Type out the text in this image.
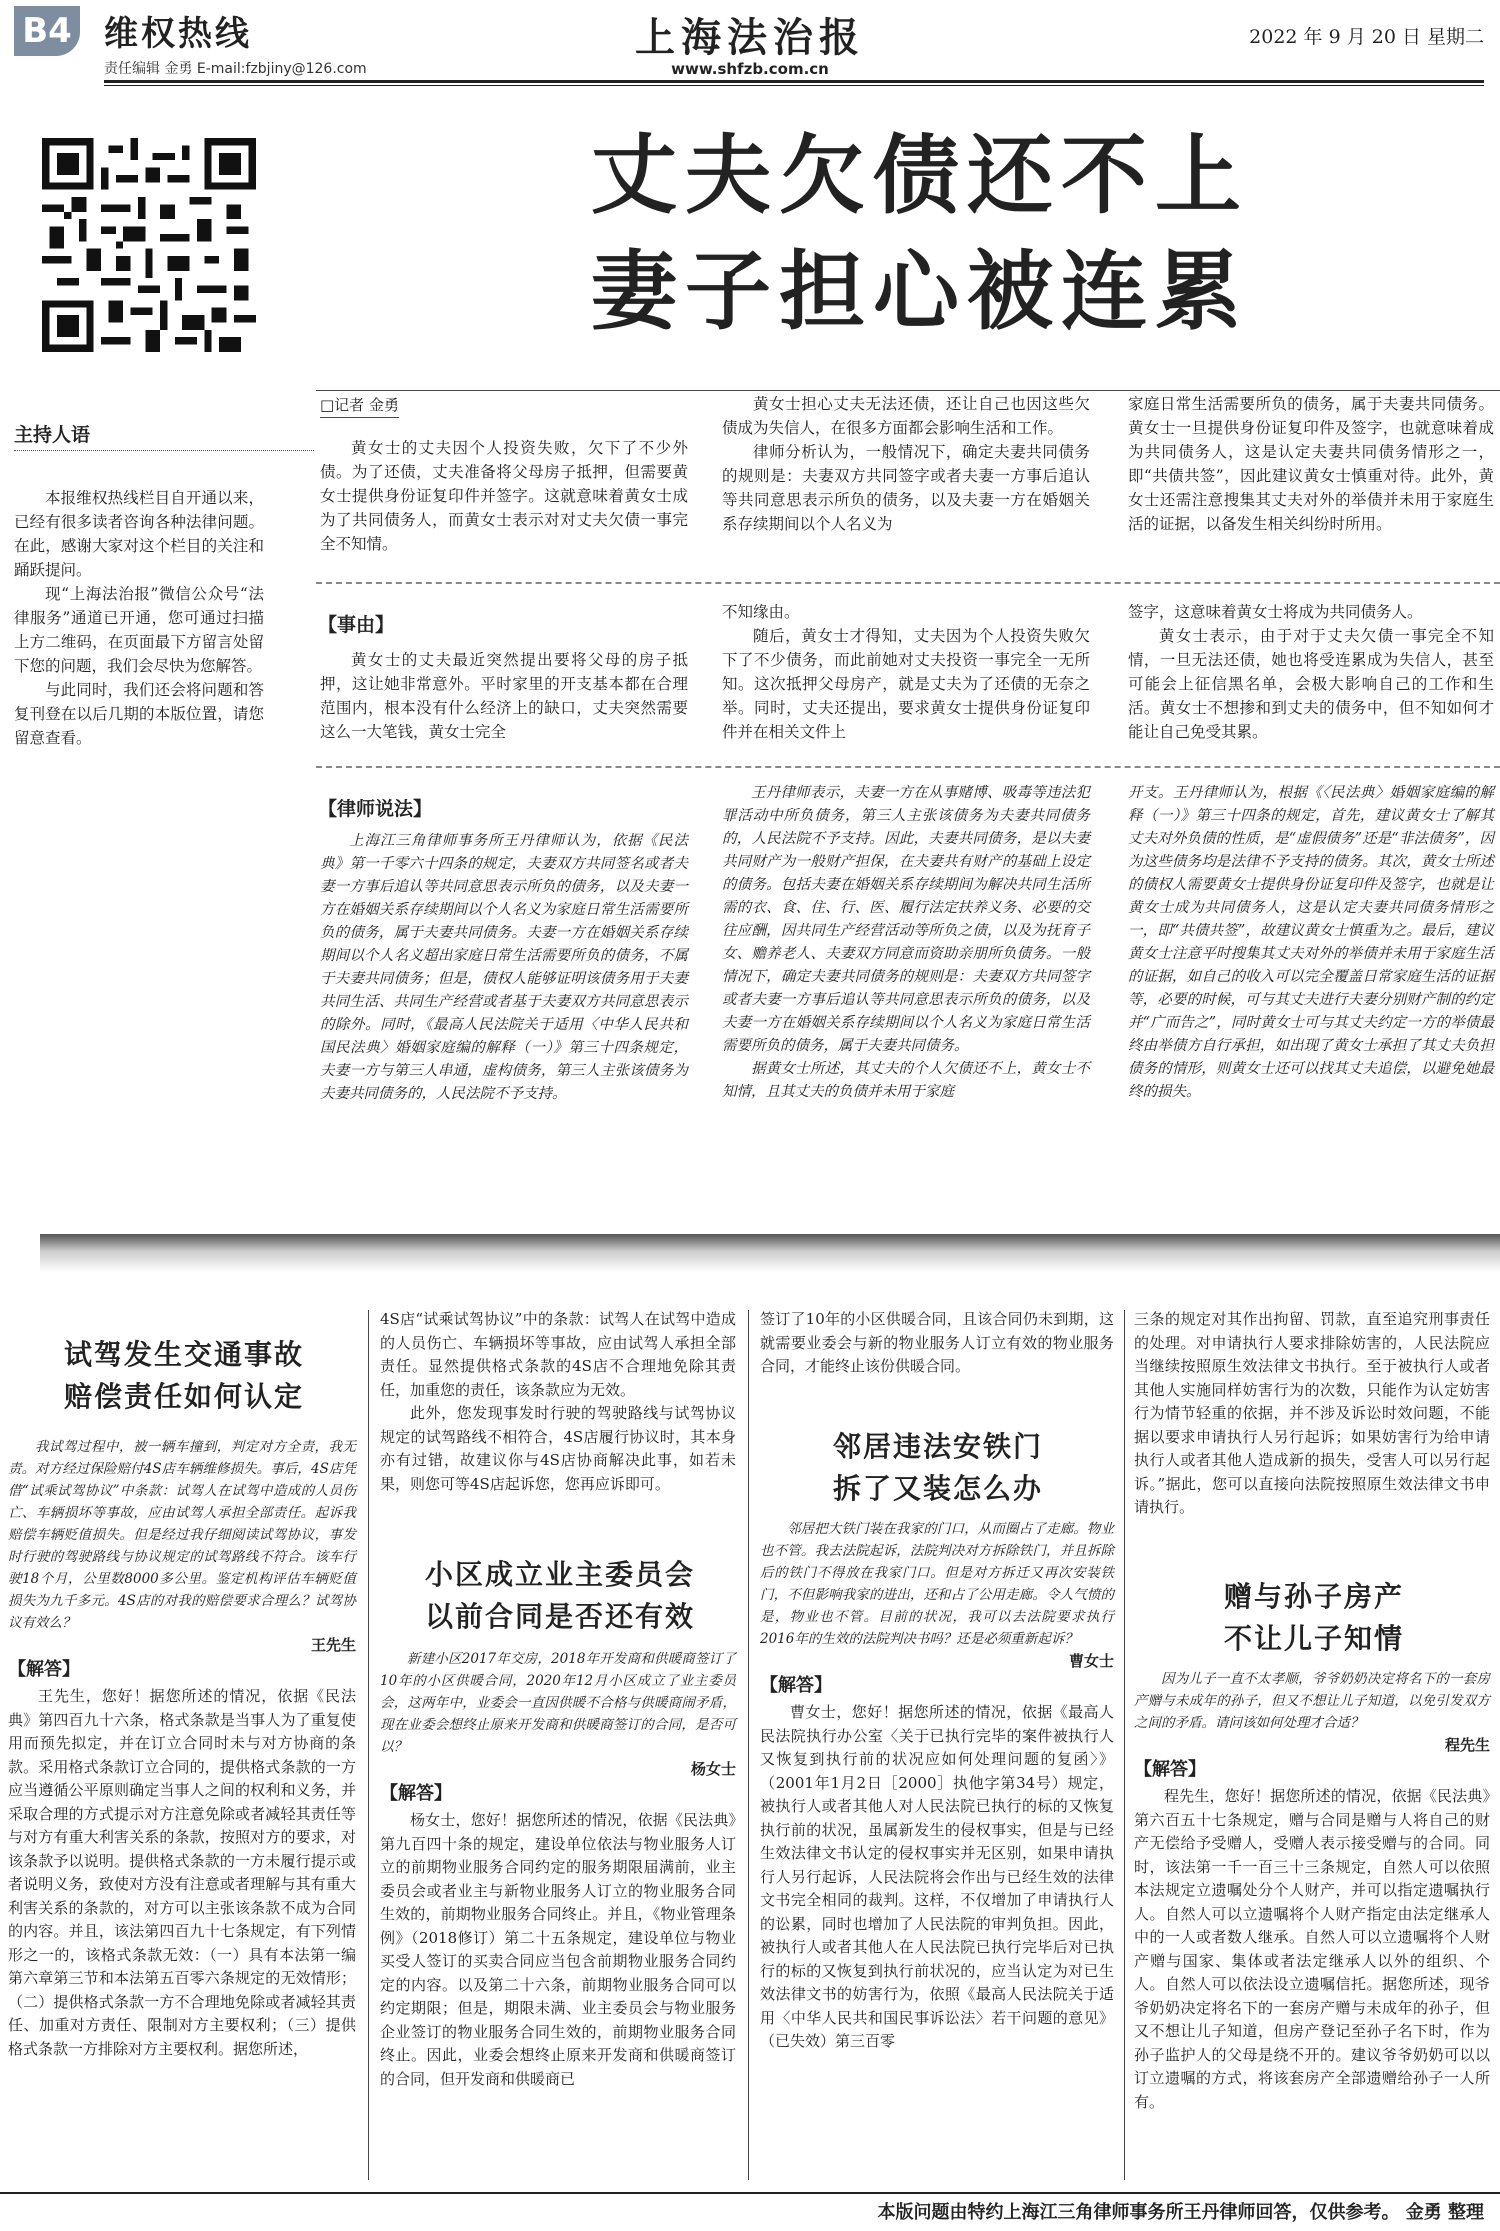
B4 维权热线
责任编辑 金勇 E-mail:fzbjiny@126.com
上海法治报
www.shfzb.com.cn
2022 年 9 月 20 日 星期二
丈夫欠债还不上
妻子担心被连累
主持人语

本报维权热线栏目自开通以来，已经有很多读者咨询各种法律问题。在此，感谢大家对这个栏目的关注和踊跃提问。

现“上海法治报”微信公众号“法律服务”通道已开通，您可通过扫描上方二维码，在页面最下方留言处留下您的问题，我们会尽快为您解答。

与此同时，我们还会将问题和答复刊登在以后几期的本版位置，请您留意查看。

□记者 金勇

黄女士的丈夫因个人投资失败，欠下了不少外债。为了还债，丈夫准备将父母房子抵押，但需要黄女士提供身份证复印件并签字。这就意味着黄女士成为了共同债务人，而黄女士表示对对丈夫欠债一事完全不知情。

黄女士担心丈夫无法还债，还让自己也因这些欠债成为失信人，在很多方面都会影响生活和工作。

律师分析认为，一般情况下，确定夫妻共同债务的规则是：夫妻双方共同签字或者夫妻一方事后追认等共同意思表示所负的债务，以及夫妻一方在婚姻关系存续期间以个人名义为

家庭日常生活需要所负的债务，属于夫妻共同债务。黄女士一旦提供身份证复印件及签字，也就意味着成为共同债务人，这是认定夫妻共同债务情形之一，即“共债共签”，因此建议黄女士慎重对待。此外，黄女士还需注意搜集其丈夫对外的举债并未用于家庭生活的证据，以备发生相关纠纷时所用。

【事由】

黄女士的丈夫最近突然提出要将父母的房子抵押，这让她非常意外。平时家里的开支基本都在合理范围内，根本没有什么经济上的缺口，丈夫突然需要这么一大笔钱，黄女士完全

不知缘由。

随后，黄女士才得知，丈夫因为个人投资失败欠下了不少债务，而此前她对丈夫投资一事完全一无所知。这次抵押父母房产，就是丈夫为了还债的无奈之举。同时，丈夫还提出，要求黄女士提供身份证复印件并在相关文件上

签字，这意味着黄女士将成为共同债务人。

黄女士表示，由于对于丈夫欠债一事完全不知情，一旦无法还债，她也将受连累成为失信人，甚至可能会上征信黑名单，会极大影响自己的工作和生活。黄女士不想掺和到丈夫的债务中，但不知如何才能让自己免受其累。

【律师说法】

上海江三角律师事务所王丹律师认为，依据《民法典》第一千零六十四条的规定，夫妻双方共同签名或者夫妻一方事后追认等共同意思表示所负的债务，以及夫妻一方在婚姻关系存续期间以个人名义为家庭日常生活需要所负的债务，属于夫妻共同债务。夫妻一方在婚姻关系存续期间以个人名义超出家庭日常生活需要所负的债务，不属于夫妻共同债务；但是，债权人能够证明该债务用于夫妻共同生活、共同生产经营或者基于夫妻双方共同意思表示的除外。同时，《最高人民法院关于适用〈中华人民共和国民法典〉婚姻家庭编的解释（一）》第三十四条规定，夫妻一方与第三人串通，虚构债务，第三人主张该债务为夫妻共同债务的，人民法院不予支持。

王丹律师表示，夫妻一方在从事赌博、吸毒等违法犯罪活动中所负债务，第三人主张该债务为夫妻共同债务的，人民法院不予支持。因此，夫妻共同债务，是以夫妻共同财产为一般财产担保，在夫妻共有财产的基础上设定的债务。包括夫妻在婚姻关系存续期间为解决共同生活所需的衣、食、住、行、医、履行法定扶养义务、必要的交往应酬，因共同生产经营活动等所负之债，以及为抚育子女、赡养老人、夫妻双方同意而资助亲朋所负债务。一般情况下，确定夫妻共同债务的规则是：夫妻双方共同签字或者夫妻一方事后追认等共同意思表示所负的债务，以及夫妻一方在婚姻关系存续期间以个人名义为家庭日常生活需要所负的债务，属于夫妻共同债务。

据黄女士所述，其丈夫的个人欠债还不上，黄女士不知情，且其丈夫的负债并未用于家庭

开支。王丹律师认为，根据《〈民法典〉婚姻家庭编的解释（一）》第三十四条的规定，首先，建议黄女士了解其丈夫对外负债的性质，是“虚假债务”还是“非法债务”，因为这些债务均是法律不予支持的债务。其次，黄女士所述的债权人需要黄女士提供身份证复印件及签字，也就是让黄女士成为共同债务人，这是认定夫妻共同债务情形之一，即“共债共签”，故建议黄女士慎重为之。最后，建议黄女士注意平时搜集其丈夫对外的举债并未用于家庭生活的证据，如自己的收入可以完全覆盖日常家庭生活的证据等，必要的时候，可与其丈夫进行夫妻分别财产制的约定并“广而告之”，同时黄女士可与其丈夫约定一方的举债最终由举债方自行承担，如出现了黄女士承担了其丈夫负担债务的情形，则黄女士还可以找其丈夫追偿，以避免她最终的损失。

试驾发生交通事故
赔偿责任如何认定

我试驾过程中，被一辆车撞到，判定对方全责，我无责。对方经过保险赔付4S店车辆维修损失。事后，4S店凭借“试乘试驾协议”中条款：试驾人在试驾中造成的人员伤亡、车辆损坏等事故，应由试驾人承担全部责任。起诉我赔偿车辆贬值损失。但是经过我仔细阅读试驾协议，事发时行驶的驾驶路线与协议规定的试驾路线不符合。该车行驶18个月，公里数8000多公里。鉴定机构评估车辆贬值损失为九千多元。4S店的对我的赔偿要求合理么？试驾协议有效么？

王先生
【解答】

王先生，您好！据您所述的情况，依据《民法典》第四百九十六条，格式条款是当事人为了重复使用而预先拟定，并在订立合同时未与对方协商的条款。采用格式条款订立合同的，提供格式条款的一方应当遵循公平原则确定当事人之间的权利和义务，并采取合理的方式提示对方注意免除或者减轻其责任等与对方有重大利害关系的条款，按照对方的要求，对该条款予以说明。提供格式条款的一方未履行提示或者说明义务，致使对方没有注意或者理解与其有重大利害关系的条款的，对方可以主张该条款不成为合同的内容。并且，该法第四百九十七条规定，有下列情形之一的，该格式条款无效：（一）具有本法第一编第六章第三节和本法第五百零六条规定的无效情形；（二）提供格式条款一方不合理地免除或者减轻其责任、加重对方责任、限制对方主要权利；（三）提供格式条款一方排除对方主要权利。据您所述，

4S店“试乘试驾协议”中的条款：试驾人在试驾中造成的人员伤亡、车辆损坏等事故，应由试驾人承担全部责任。显然提供格式条款的4S店不合理地免除其责任，加重您的责任，该条款应为无效。

此外，您发现事发时行驶的驾驶路线与试驾协议规定的试驾路线不相符合，4S店履行协议时，其本身亦有过错，故建议你与4S店协商解决此事，如若未果，则您可等4S店起诉您，您再应诉即可。

小区成立业主委员会
以前合同是否还有效

新建小区2017年交房，2018年开发商和供暖商签订了10年的小区供暖合同，2020年12月小区成立了业主委员会，这两年中，业委会一直因供暖不合格与供暖商闹矛盾，现在业委会想终止原来开发商和供暖商签订的合同，是否可以？

杨女士
【解答】

杨女士，您好！据您所述的情况，依据《民法典》第九百四十条的规定，建设单位依法与物业服务人订立的前期物业服务合同约定的服务期限届满前，业主委员会或者业主与新物业服务人订立的物业服务合同生效的，前期物业服务合同终止。并且，《物业管理条例》（2018修订）第二十五条规定，建设单位与物业买受人签订的买卖合同应当包含前期物业服务合同约定的内容。以及第二十六条，前期物业服务合同可以约定期限；但是，期限未满、业主委员会与物业服务企业签订的物业服务合同生效的，前期物业服务合同终止。因此，业委会想终止原来开发商和供暖商签订的合同，但开发商和供暖商已

签订了10年的小区供暖合同，且该合同仍未到期，这就需要业委会与新的物业服务人订立有效的物业服务合同，才能终止该份供暖合同。

邻居违法安铁门
拆了又装怎么办

邻居把大铁门装在我家的门口，从而圈占了走廊。物业也不管。我去法院起诉，法院判决对方拆除铁门，并且拆除后的铁门不得放在我家门口。但是对方拆迁又再次安装铁门，不但影响我家的进出，还和占了公用走廊。令人气愤的是，物业也不管。目前的状况，我可以去法院要求执行2016年的生效的法院判决书吗？还是必须重新起诉？

曹女士
【解答】

曹女士，您好！据您所述的情况，依据《最高人民法院执行办公室〈关于已执行完毕的案件被执行人又恢复到执行前的状况应如何处理问题的复函〉》（2001年1月2日［2000］执他字第34号）规定，被执行人或者其他人对人民法院已执行的标的又恢复执行前的状况，虽属新发生的侵权事实，但是与已经生效法律文书认定的侵权事实并无区别，如果申请执行人另行起诉，人民法院将会作出与已经生效的法律文书完全相同的裁判。这样，不仅增加了申请执行人的讼累，同时也增加了人民法院的审判负担。因此，被执行人或者其他人在人民法院已执行完毕后对已执行的标的又恢复到执行前状况的，应当认定为对已生效法律文书的妨害行为，依照《最高人民法院关于适用〈中华人民共和国民事诉讼法〉若干问题的意见》（已失效）第三百零

三条的规定对其作出拘留、罚款，直至追究刑事责任的处理。对申请执行人要求排除妨害的，人民法院应当继续按照原生效法律文书执行。至于被执行人或者其他人实施同样妨害行为的次数，只能作为认定妨害行为情节轻重的依据，并不涉及诉讼时效问题，不能据以要求申请执行人另行起诉；如果妨害行为给申请执行人或者其他人造成新的损失，受害人可以另行起诉。”据此，您可以直接向法院按照原生效法律文书申请执行。

赠与孙子房产
不让儿子知情

因为儿子一直不太孝顺，爷爷奶奶决定将名下的一套房产赠与未成年的孙子，但又不想让儿子知道，以免引发双方之间的矛盾。请问该如何处理才合适？

程先生
【解答】

程先生，您好！据您所述的情况，依据《民法典》第六百五十七条规定，赠与合同是赠与人将自己的财产无偿给予受赠人，受赠人表示接受赠与的合同。同时，该法第一千一百三十三条规定，自然人可以依照本法规定立遗嘱处分个人财产，并可以指定遗嘱执行人。自然人可以立遗嘱将个人财产指定由法定继承人中的一人或者数人继承。自然人可以立遗嘱将个人财产赠与国家、集体或者法定继承人以外的组织、个人。自然人可以依法设立遗嘱信托。据您所述，现爷爷奶奶决定将名下的一套房产赠与未成年的孙子，但又不想让儿子知道，但房产登记至孙子名下时，作为孙子监护人的父母是绕不开的。建议爷爷奶奶可以以订立遗嘱的方式，将该套房产全部遗赠给孙子一人所有。

本版问题由特约上海江三角律师事务所王丹律师回答，仅供参考。 金勇 整理
